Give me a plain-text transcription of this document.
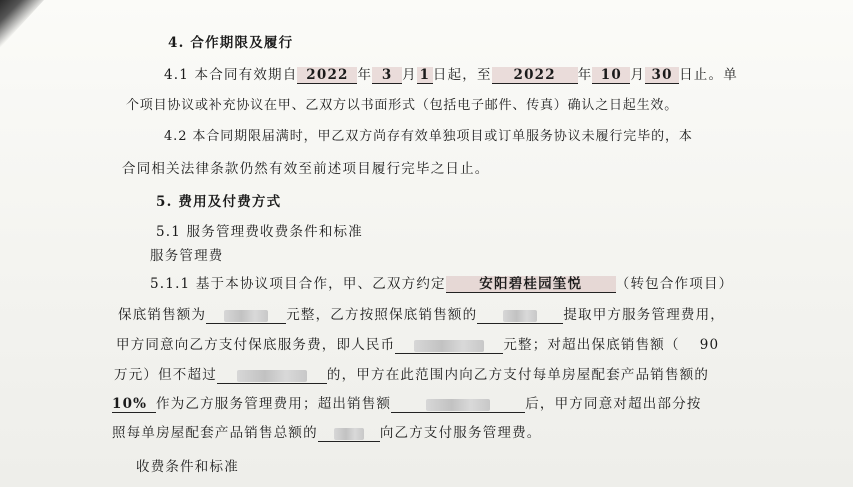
4. 合作期限及履行
4.1 本合同有效期自 2022 年 3 月 1 日起，至 2022 年 10 月 30 日止。单
个项目协议或补充协议在甲、乙双方以书面形式（包括电子邮件、传真）确认之日起生效。
4.2 本合同期限届满时，甲乙双方尚存有效单独项目或订单服务协议未履行完毕的，本
合同相关法律条款仍然有效至前述项目履行完毕之日止。
5. 费用及付费方式
5.1 服务管理费收费条件和标准
服务管理费
5.1.1 基于本协议项目合作，甲、乙双方约定 安阳碧桂园筀悦 （转包合作项目）
保底销售额为	元整，乙方按照保底销售额的	提取甲方服务管理费用，
甲方同意向乙方支付保底服务费，即人民币	元整；对超出保底销售额（ 90
万元）但不超过	的，甲方在此范围内向乙方支付每单房屋配套产品销售额的
10% 作为乙方服务管理费用；超出销售额	后，甲方同意对超出部分按
照每单房屋配套产品销售总额的	向乙方支付服务管理费。
收费条件和标准
